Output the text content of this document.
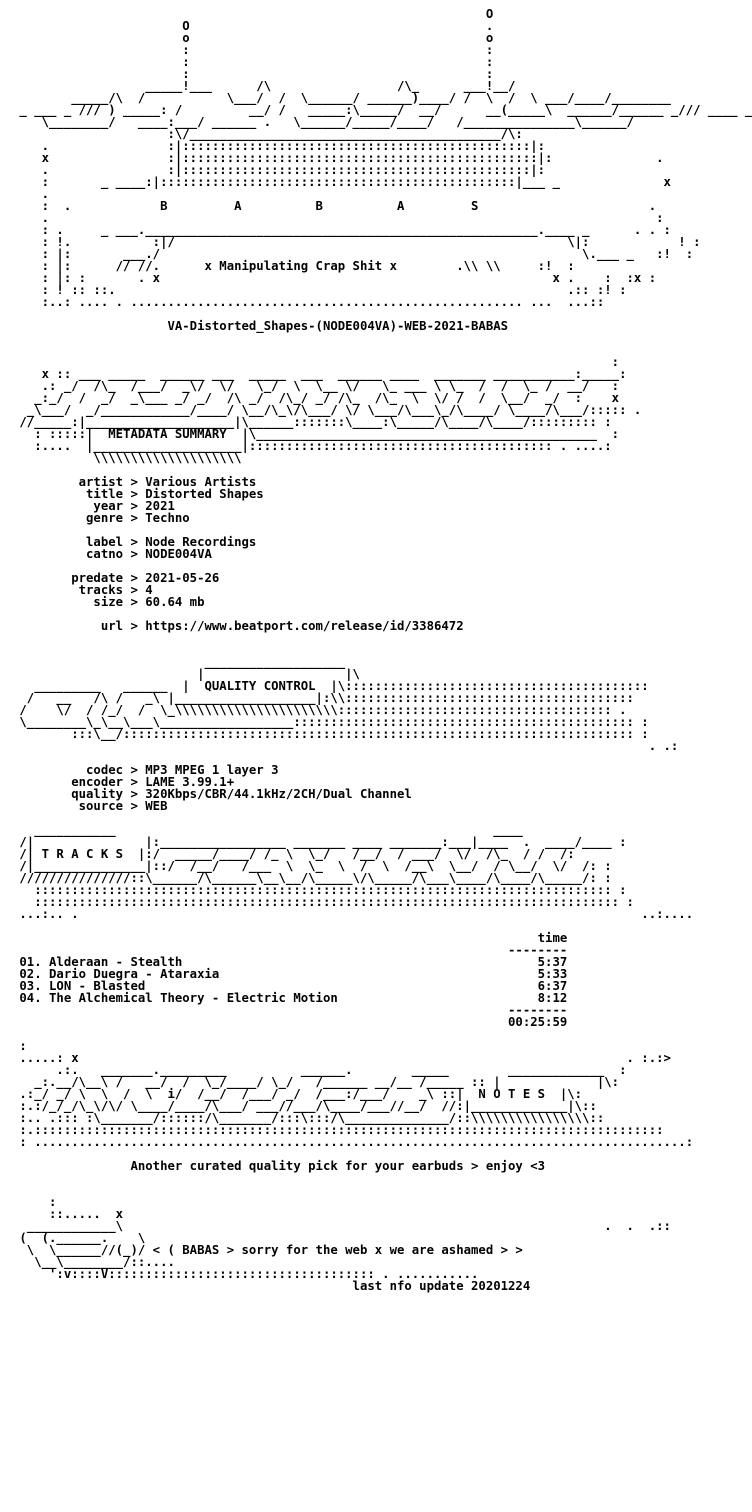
O
O                                        .
o                                        o
:                                        :
:                                        :
:                                        :
_____!___      /\                 /\_      ___!__/
_____/\  /           \___/  /  \______/ ______)____/ /  \  /  \ ___/____/________
_ ___ _ /// ) _____: /         __/ /   _____:\_____/  __/      __(_____\  ______/______ _/// ____ _
\________/   ____:___/ ______ .   \______/_____/____/   /_______________\______/
:\/__________________________________________/\:
.                :|:::::::::::::::::::::::::::::::::::::::::::::::|:
x                :|::::::::::::::::::::::::::::::::::::::::::::::::|:              .
.                :|:::::::::::::::::::::::::::::::::::::::::::::::|:
:       _ ____:|::::::::::::::::::::::::::::::::::::::::::::::::|___ _              x
.
:  .            B         A          B          A         S                       .
.                                                                                  :
: .     _ ___._____________________________________________________.____ _      . . :
: !.           :|/                                                     \|:            ! :
: |:       ___./                                                         \.___ _   :!  :
: |:      // //.      x Manipulating Crap Shit x        .\\ \\     :!  :
: |: :       . x                                                     x .    :  :x :
: ! :: ::.                                                             .:: :! :
:..: .... . ..................................................... ...  ...::
VA-Distorted_Shapes-(NODE004VA)-WEB-2021-BABAS
:
x :: ___ _____  ______ ___  _____  ___  ______ ____  _______ ___________:_____:
.: _/  /\_  /___/  _\/  \/   \_/  \  \__ \/   \_ ___ \ \_  /  /  \_ /  __/   :
_:_/  /  _/  _\___ _/ _/  /\ _/  /\_/ _/ /\_  /\_  \  \/ /  /  \__/  _/  :    x
_\___/  _/____________/____/ \__/\_\/\___/ \/ \___/\___\_/\____/ \____/\___/::::: .
//_____:|____________________|\______:::::::\____:\_____/\____/\____/::::::::: :
: :::::|  METADATA SUMMARY  |\______________________________________________  :
:....  |____________________|::::::::::::::::::::::::::::::::::::::::: . ....:
\\\\\\\\\\\\\\\\\\\\
artist > Various Artists
title > Distorted Shapes
year > 2021
genre > Techno

label > Node Recordings
catno > NODE004VA

predate > 2021-05-26
tracks > 4
size > 60.64 mb

url > https://www.beatport.com/release/id/3386472
___________________
|                   |\
_________   ______  |  QUALITY CONTROL  |\:::::::::::::::::::::::::::::::::::::::::
/   __   /\ /   _\ |___________________|:\\:::::::::::::::::::::::::::::::::::::::
/    \/  / /_/  /  \_\\\\\\\\\\\\\\\\\\\\\\::::::::::::::::::::::::::::::::::::: .
\________\_\__\___\__________________:::::::::::::::::::::::::::::::::::::::::::::: :
:::\__/::::::::::::::::::::::::::::::::::::::::::::::::::::::::::::::::::::: :
. .:
codec > MP3 MPEG 1 layer 3
encoder > LAME 3.99.1+
quality > 320Kbps/CBR/44.1kHz/2CH/Dual Channel
source > WEB
___________                                                   ____
/|               |:_________________ _______ ____ _______:___|____  .  ____/____ :
/| T R A C K S  |:/  _____/____/ /_ \  \_/   /__/  / ___/  \/  /\_  / /  /:
/|_______________|::/  /__/   /___  \  \_  \  /  \  /__\  \__/  / \__/  \/  /: :
///////////////::\______/\______\__\__/\_____\/\_____/\___\____/\____/\_____/: :
:::::::::::::::::::::::::::::::::::::::::::::::::::::::::::::::::::::::::::::: :
::::::::::::::::::::::::::::::::::::::::::::::::::::::::::::::::::::::::::::::: :
...:.. .                                                                            ..:....
time
--------
01. Alderaan - Stealth                                                5:37
02. Dario Duegra - Ataraxia                                           5:33
03. LON - Blasted                                                     6:37
04. The Alchemical Theory - Electric Motion                           8:12
--------
00:25:59
:
.....: x                                                                          . :.:>
.:.   _______._________          ______.        _____        _____________  :
_:.__/\__\ /   __/  /  \_/____/ \_/   /______ __/__ /_____ :: |             |\:
.:_/ _/ \  \  /  \  i/  /__/  /___/ _/  /___:/___/    _\ ::|  N O T E S  |\:
:.:/_/_/\_\/\/ \____/____/\___/ ___//___/\____/___//__/  //:|_____________|\::
:.. .::: :\_______/::::::/\_______/:::\:::/\______________/::\\\\\\\\\\\\\\\\::
:.:::::::::::::::::::::::::::::::::::::::::::::::::::::::::::::::::::::::::::::::::::::
: ........................................................................................:
Another curated quality pick for your earbuds > enjoy <3
:
::.....  x
____________\                                                                 .  .  .::
(  (.______.    \
\  \______//(_)/ < ( BABAS > sorry for the web x we are ashamed > >
\__\________/::....
':v::::V:::::::::::::::::::::::::::::::::::: . ...........
last nfo update 20201224
